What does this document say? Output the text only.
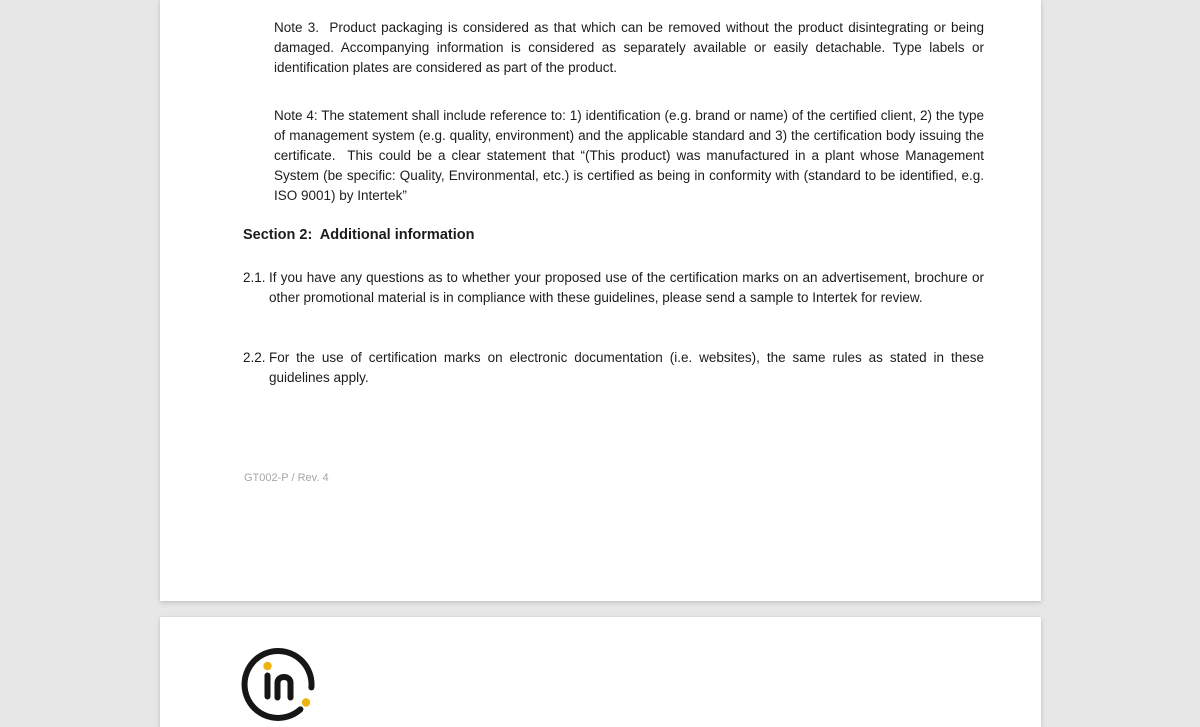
Note 3.  Product packaging is considered as that which can be removed without the product disintegrating or being damaged. Accompanying information is considered as separately available or easily detachable. Type labels or identification plates are considered as part of the product.

Note 4: The statement shall include reference to: 1) identification (e.g. brand or name) of the certified client, 2) the type of management system (e.g. quality, environment) and the applicable standard and 3) the certification body issuing the certificate.  This could be a clear statement that “(This product) was manufactured in a plant whose Management System (be specific: Quality, Environmental, etc.) is certified as being in conformity with (standard to be identified, e.g. ISO 9001) by Intertek”

Section 2:  Additional information
2.1. If you have any questions as to whether your proposed use of the certification marks on an advertisement, brochure or other promotional material is in compliance with these guidelines, please send a sample to Intertek for review.
2.2. For the use of certification marks on electronic documentation (i.e. websites), the same rules as stated in these guidelines apply.
GT002-P / Rev. 4
